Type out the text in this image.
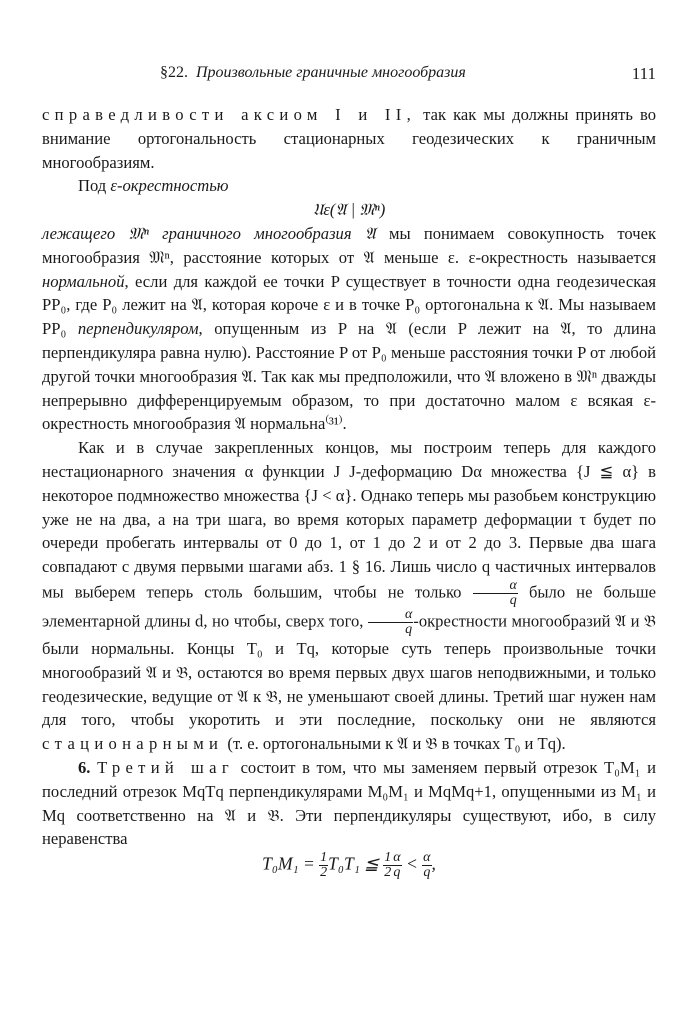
§22. Произвольные граничные многообразия	111

справедливости аксиом I и II, так как мы должны принять во внимание ортогональность стационарных геодезических к граничным многообразиям.

Под ε-окрестностью

𝔘ε(𝔄 | 𝔐ⁿ)

лежащего 𝔐ⁿ граничного многообразия 𝔄 мы понимаем совокупность точек многообразия 𝔐ⁿ, расстояние которых от 𝔄 меньше ε. ε-окрестность называется нормальной, если для каждой ее точки P существует в точности одна геодезическая PP₀, где P₀ лежит на 𝔄, которая короче ε и в точке P₀ ортогональна к 𝔄. Мы называем PP₀ перпендикуляром, опущенным из P на 𝔄 (если P лежит на 𝔄, то длина перпендикуляра равна нулю). Расстояние P от P₀ меньше расстояния точки P от любой другой точки многообразия 𝔄. Так как мы предположили, что 𝔄 вложено в 𝔐ⁿ дважды непрерывно дифференцируемым образом, то при достаточно малом ε всякая ε-окрестность многообразия 𝔄 нормальна⁽³¹⁾.

Как и в случае закрепленных концов, мы построим теперь для каждого нестационарного значения α функции J J-деформацию Dα множества {J ≦ α} в некоторое подмножество множества {J < α}. Однако теперь мы разобьем конструкцию уже не на два, а на три шага, во время которых параметр деформации τ будет по очереди пробегать интервалы от 0 до 1, от 1 до 2 и от 2 до 3. Первые два шага совпадают с двумя первыми шагами абз. 1 § 16. Лишь число q частичных интервалов мы выберем теперь столь большим, чтобы не только $\frac{\alpha}{q}$ было не больше элементарной длины d, но чтобы, сверх того, $\frac{\alpha}{q}$ -окрестности многообразий 𝔄 и 𝔅 были нормальны. Концы T₀ и Tq, которые суть теперь произвольные точки многообразий 𝔄 и 𝔅, остаются во время первых двух шагов неподвижными, и только геодезические, ведущие от 𝔄 к 𝔅, не уменьшают своей длины. Третий шаг нужен нам для того, чтобы укоротить и эти последние, поскольку они не являются стационарными (т. е. ортогональными к 𝔄 и 𝔅 в точках T₀ и Tq).

6. Третий шаг состоит в том, что мы заменяем первый отрезок T₀M₁ и последний отрезок MqTq перпендикулярами M₀M₁ и MqMq+1, опущенными из M₁ и Mq соответственно на 𝔄 и 𝔅. Эти перпендикуляры существуют, ибо, в силу неравенства

$T_0M_1 = \frac{1}{2} T_0T_1$ ≦ $\frac{1}{2} \frac{\alpha}{q} < \frac{\alpha}{q}$ ,
